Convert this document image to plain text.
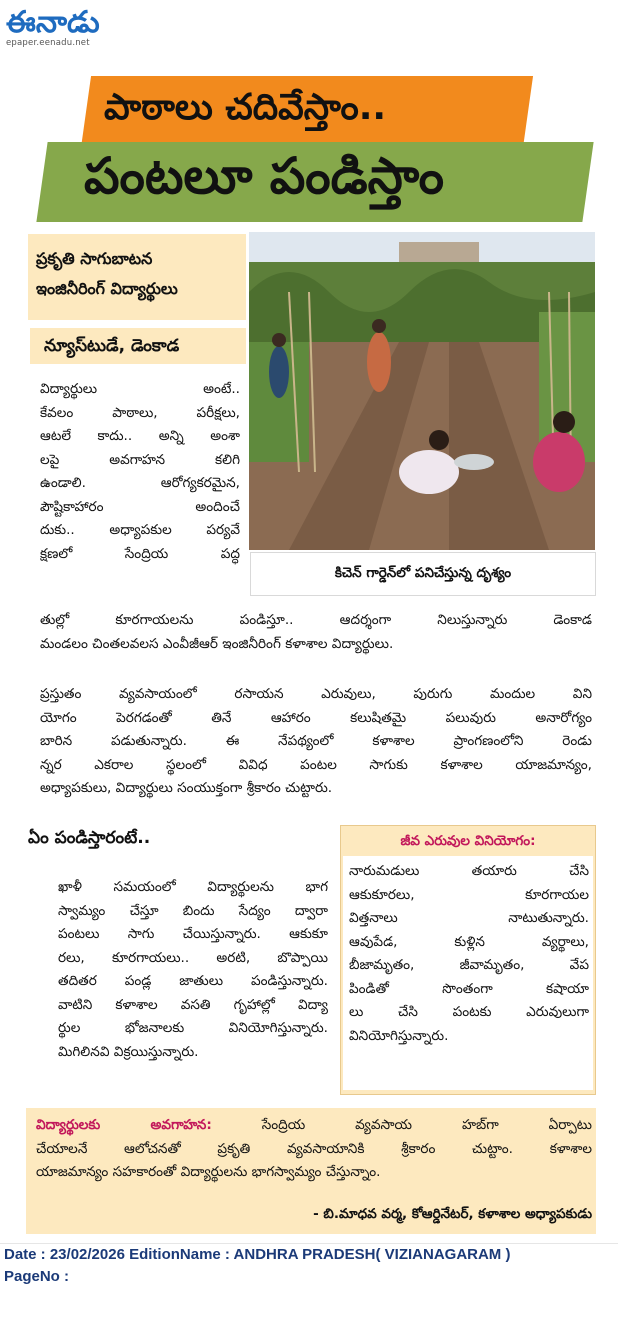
ఈనాడు
epaper.eenadu.net
పాఠాలు చదివేస్తాం..
పంటలూ పండిస్తాం
ప్రకృతి సాగుబాటన
ఇంజినీరింగ్ విద్యార్థులు
న్యూస్‌టుడే, డెంకాడ
కిచెన్ గార్డెన్‌లో పనిచేస్తున్న దృశ్యం
విద్యార్థులు అంటే..
కేవలం పాఠాలు, పరీక్షలు,
ఆటలే కాదు.. అన్ని అంశా
లపై అవగాహన కలిగి
ఉండాలి. ఆరోగ్యకరమైన,
పౌష్టికాహారం అందించే
దుకు.. అధ్యాపకుల పర్యవే
క్షణలో సేంద్రియ పద్ధ
తుల్లో కూరగాయలను పండిస్తూ.. ఆదర్శంగా నిలుస్తున్నారు డెంకాడ
మండలం చింతలవలస ఎంవీజీఆర్ ఇంజినీరింగ్ కళాశాల విద్యార్థులు.
ప్రస్తుతం వ్యవసాయంలో రసాయన ఎరువులు, పురుగు మందుల విని
యోగం పెరగడంతో తినే ఆహారం కలుషితమై పలువురు అనారోగ్యం
బారిన పడుతున్నారు. ఈ నేపథ్యంలో కళాశాల ప్రాంగణంలోని రెండు
న్నర ఎకరాల స్థలంలో వివిధ పంటల సాగుకు కళాశాల యాజమాన్యం,
అధ్యాపకులు, విద్యార్థులు సంయుక్తంగా శ్రీకారం చుట్టారు.
ఏం పండిస్తారంటే..
ఖాళీ సమయంలో విద్యార్థులను భాగ
స్వామ్యం చేస్తూ బిందు సేద్యం ద్వారా
పంటలు సాగు చేయిస్తున్నారు. ఆకుకూ
రలు, కూరగాయలు.. అరటి, బొప్పాయి
తదితర పండ్ల జాతులు పండిస్తున్నారు.
వాటిని కళాశాల వసతి గృహాల్లో విద్యా
ర్థుల భోజనాలకు వినియోగిస్తున్నారు.
మిగిలినవి విక్రయిస్తున్నారు.
జీవ ఎరువుల వినియోగం:
నారుమడులు తయారు చేసి
ఆకుకూరలు, కూరగాయల
విత్తనాలు నాటుతున్నారు.
ఆవుపేడ, కుళ్లిన వ్యర్థాలు,
బీజామృతం, జీవామృతం, వేప
పిండితో సొంతంగా కషాయా
లు చేసి పంటకు ఎరువులుగా
వినియోగిస్తున్నారు.
విద్యార్థులకు అవగాహన:	సేంద్రియ వ్యవసాయ హబ్‌గా ఏర్పాటు
చేయాలనే ఆలోచనతో ప్రకృతి వ్యవసాయానికి శ్రీకారం చుట్టాం. కళాశాల
యాజమాన్యం సహకారంతో విద్యార్థులను భాగస్వామ్యం చేస్తున్నాం.
- బి.మాధవ వర్మ, కోఆర్డినేటర్, కళాశాల అధ్యాపకుడు
Date : 23/02/2026 EditionName : ANDHRA PRADESH( VIZIANAGARAM )
PageNo :
